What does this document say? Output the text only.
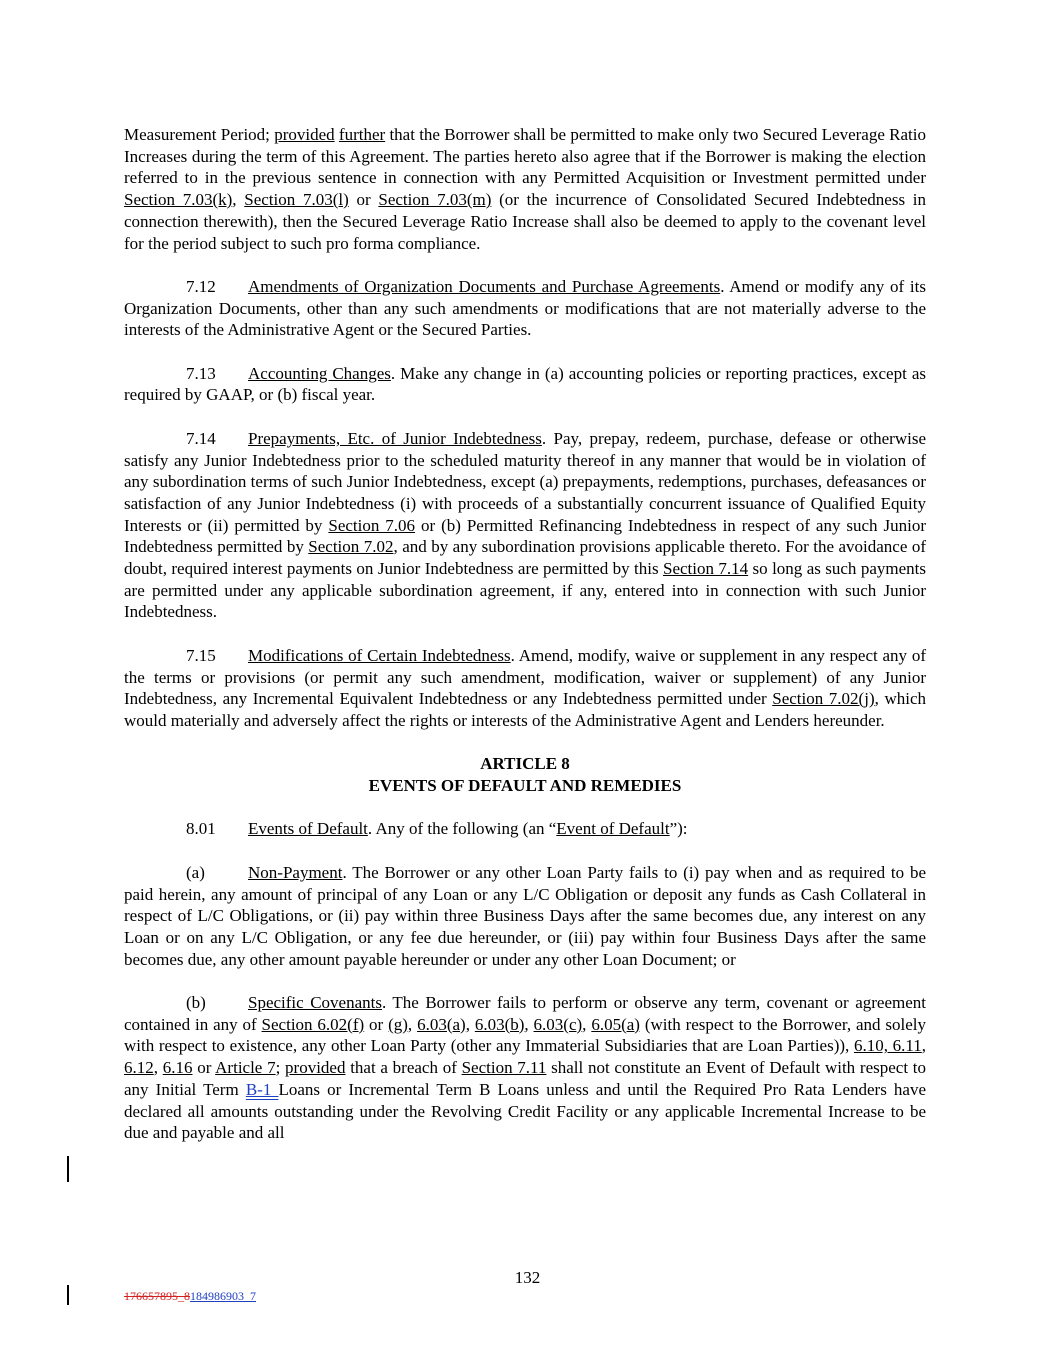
Measurement Period; provided further that the Borrower shall be permitted to make only two Secured Leverage Ratio Increases during the term of this Agreement. The parties hereto also agree that if the Borrower is making the election referred to in the previous sentence in connection with any Permitted Acquisition or Investment permitted under Section 7.03(k), Section 7.03(l) or Section 7.03(m) (or the incurrence of Consolidated Secured Indebtedness in connection therewith), then the Secured Leverage Ratio Increase shall also be deemed to apply to the covenant level for the period subject to such pro forma compliance.

7.12 Amendments of Organization Documents and Purchase Agreements. Amend or modify any of its Organization Documents, other than any such amendments or modifications that are not materially adverse to the interests of the Administrative Agent or the Secured Parties.

7.13 Accounting Changes. Make any change in (a) accounting policies or reporting practices, except as required by GAAP, or (b) fiscal year.

7.14 Prepayments, Etc. of Junior Indebtedness. Pay, prepay, redeem, purchase, defease or otherwise satisfy any Junior Indebtedness prior to the scheduled maturity thereof in any manner that would be in violation of any subordination terms of such Junior Indebtedness, except (a) prepayments, redemptions, purchases, defeasances or satisfaction of any Junior Indebtedness (i) with proceeds of a substantially concurrent issuance of Qualified Equity Interests or (ii) permitted by Section 7.06 or (b) Permitted Refinancing Indebtedness in respect of any such Junior Indebtedness permitted by Section 7.02, and by any subordination provisions applicable thereto. For the avoidance of doubt, required interest payments on Junior Indebtedness are permitted by this Section 7.14 so long as such payments are permitted under any applicable subordination agreement, if any, entered into in connection with such Junior Indebtedness.

7.15 Modifications of Certain Indebtedness. Amend, modify, waive or supplement in any respect any of the terms or provisions (or permit any such amendment, modification, waiver or supplement) of any Junior Indebtedness, any Incremental Equivalent Indebtedness or any Indebtedness permitted under Section 7.02(j), which would materially and adversely affect the rights or interests of the Administrative Agent and Lenders hereunder.

ARTICLE 8

EVENTS OF DEFAULT AND REMEDIES

8.01 Events of Default. Any of the following (an “Event of Default”):

(a)	Non-Payment. The Borrower or any other Loan Party fails to (i) pay when and as required to be paid herein, any amount of principal of any Loan or any L/C Obligation or deposit any funds as Cash Collateral in respect of L/C Obligations, or (ii) pay within three Business Days after the same becomes due, any interest on any Loan or on any L/C Obligation, or any fee due hereunder, or (iii) pay within four Business Days after the same becomes due, any other amount payable hereunder or under any other Loan Document; or

(b) Specific Covenants. The Borrower fails to perform or observe any term, covenant or agreement contained in any of Section 6.02(f) or (g), 6.03(a), 6.03(b), 6.03(c), 6.05(a) (with respect to the Borrower, and solely with respect to existence, any other Loan Party (other any Immaterial Subsidiaries that are Loan Parties)), 6.10, 6.11, 6.12, 6.16 or Article 7; provided that a breach of Section 7.11 shall not constitute an Event of Default with respect to any Initial Term B-1 Loans or Incremental Term B Loans unless and until the Required Pro Rata Lenders have declared all amounts outstanding under the Revolving Credit Facility or any applicable Incremental Increase to be due and payable and all

132
176657895_8184986903_7
